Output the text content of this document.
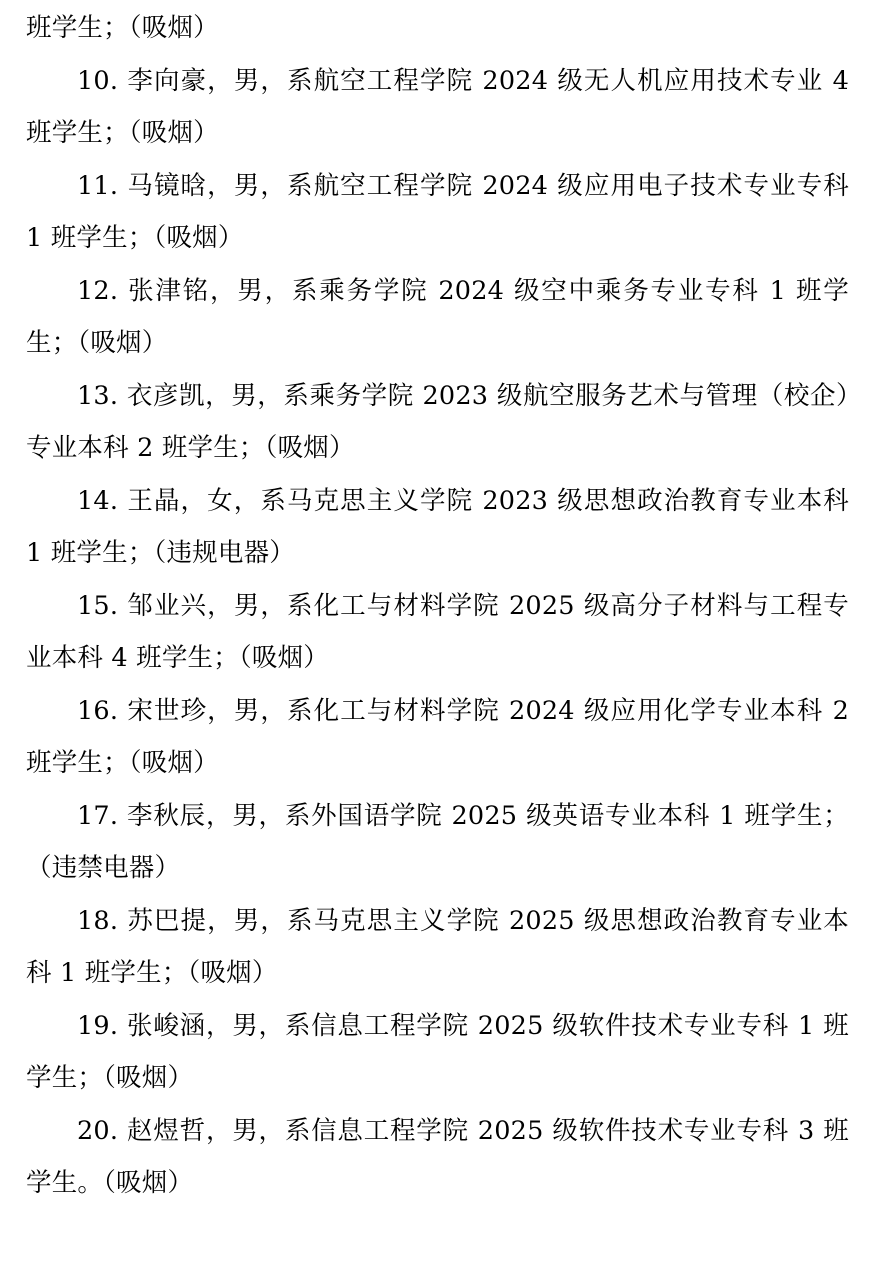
班学生；（吸烟）

10. 李向豪，男，系航空工程学院 2024 级无人机应用技术专业 4 班学生；（吸烟）

11. 马镜晗，男，系航空工程学院 2024 级应用电子技术专业专科 1 班学生；（吸烟）

12. 张津铭，男，系乘务学院 2024 级空中乘务专业专科 1 班学生；（吸烟）

13. 衣彦凯，男，系乘务学院 2023 级航空服务艺术与管理（校企）专业本科 2 班学生；（吸烟）

14. 王晶，女，系马克思主义学院 2023 级思想政治教育专业本科 1 班学生；（违规电器）

15. 邹业兴，男，系化工与材料学院 2025 级高分子材料与工程专业本科 4 班学生；（吸烟）

16. 宋世珍，男，系化工与材料学院 2024 级应用化学专业本科 2 班学生；（吸烟）

17. 李秋辰，男，系外国语学院 2025 级英语专业本科 1 班学生；（违禁电器）

18. 苏巴提，男，系马克思主义学院 2025 级思想政治教育专业本科 1 班学生；（吸烟）

19. 张峻涵，男，系信息工程学院 2025 级软件技术专业专科 1 班学生；（吸烟）

20. 赵煜哲，男，系信息工程学院 2025 级软件技术专业专科 3 班学生。（吸烟）
